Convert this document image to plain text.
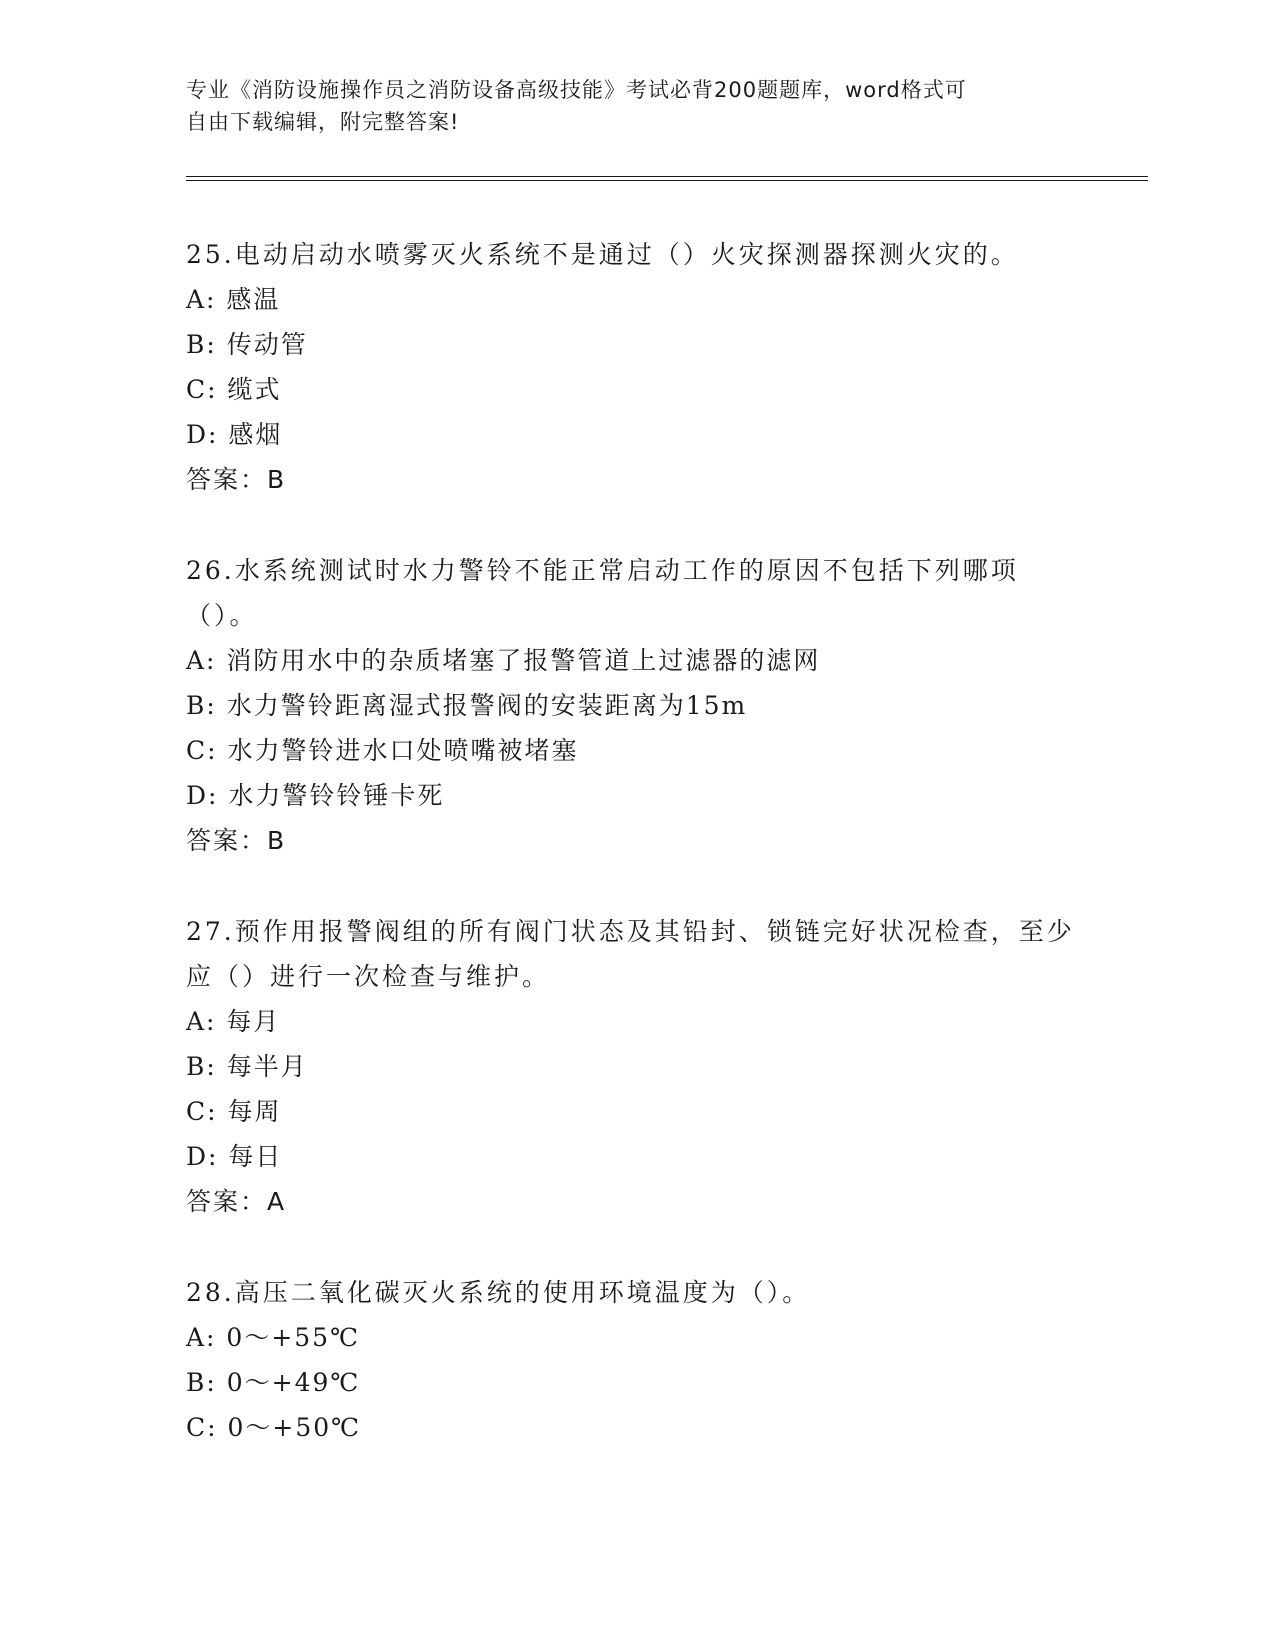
专业《消防设施操作员之消防设备高级技能》考试必背200题题库，word格式可
自由下载编辑，附完整答案!

25.电动启动水喷雾灭火系统不是通过（）火灾探测器探测火灾的。

A: 感温

B: 传动管

C: 缆式

D: 感烟

答案：B

26.水系统测试时水力警铃不能正常启动工作的原因不包括下列哪项（）。

A: 消防用水中的杂质堵塞了报警管道上过滤器的滤网

B: 水力警铃距离湿式报警阀的安装距离为15m

C: 水力警铃进水口处喷嘴被堵塞

D: 水力警铃铃锤卡死

答案：B

27.预作用报警阀组的所有阀门状态及其铅封、锁链完好状况检查，至少应（）进行一次检查与维护。

A: 每月

B: 每半月

C: 每周

D: 每日

答案：A

28.高压二氧化碳灭火系统的使用环境温度为（）。

A: 0～+55℃

B: 0～+49℃

C: 0～+50℃
